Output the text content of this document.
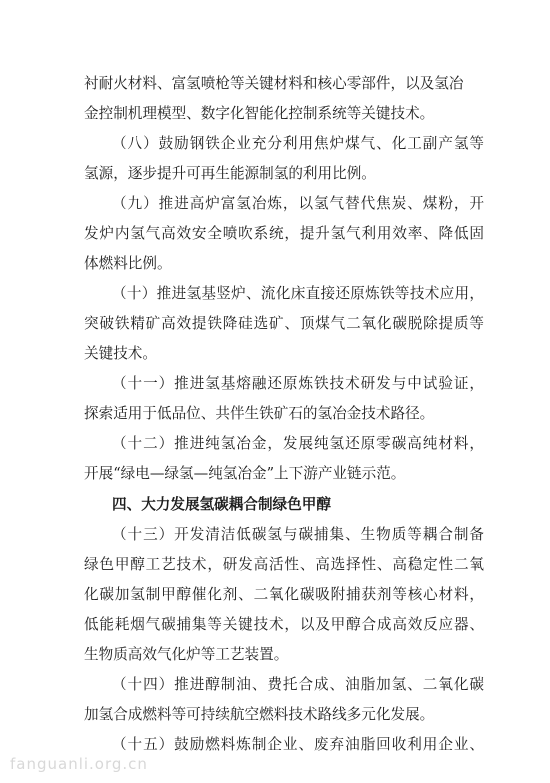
衬耐火材料、富氢喷枪等关键材料和核心零部件，以及氢冶
金控制机理模型、数字化智能化控制系统等关键技术。
（八）鼓励钢铁企业充分利用焦炉煤气、化工副产氢等
氢源，逐步提升可再生能源制氢的利用比例。
（九）推进高炉富氢冶炼，以氢气替代焦炭、煤粉，开
发炉内氢气高效安全喷吹系统，提升氢气利用效率、降低固
体燃料比例。
（十）推进氢基竖炉、流化床直接还原炼铁等技术应用，
突破铁精矿高效提铁降硅选矿、顶煤气二氧化碳脱除提质等
关键技术。
（十一）推进氢基熔融还原炼铁技术研发与中试验证，
探索适用于低品位、共伴生铁矿石的氢冶金技术路径。
（十二）推进纯氢冶金，发展纯氢还原零碳高纯材料，
开展“绿电—绿氢—纯氢冶金”上下游产业链示范。
四、大力发展氢碳耦合制绿色甲醇
（十三）开发清洁低碳氢与碳捕集、生物质等耦合制备
绿色甲醇工艺技术，研发高活性、高选择性、高稳定性二氧
化碳加氢制甲醇催化剂、二氧化碳吸附捕获剂等核心材料，
低能耗烟气碳捕集等关键技术，以及甲醇合成高效反应器、
生物质高效气化炉等工艺装置。
（十四）推进醇制油、费托合成、油脂加氢、二氧化碳
加氢合成燃料等可持续航空燃料技术路线多元化发展。
（十五）鼓励燃料炼制企业、废弃油脂回收利用企业、
fanguanli.org.cn
